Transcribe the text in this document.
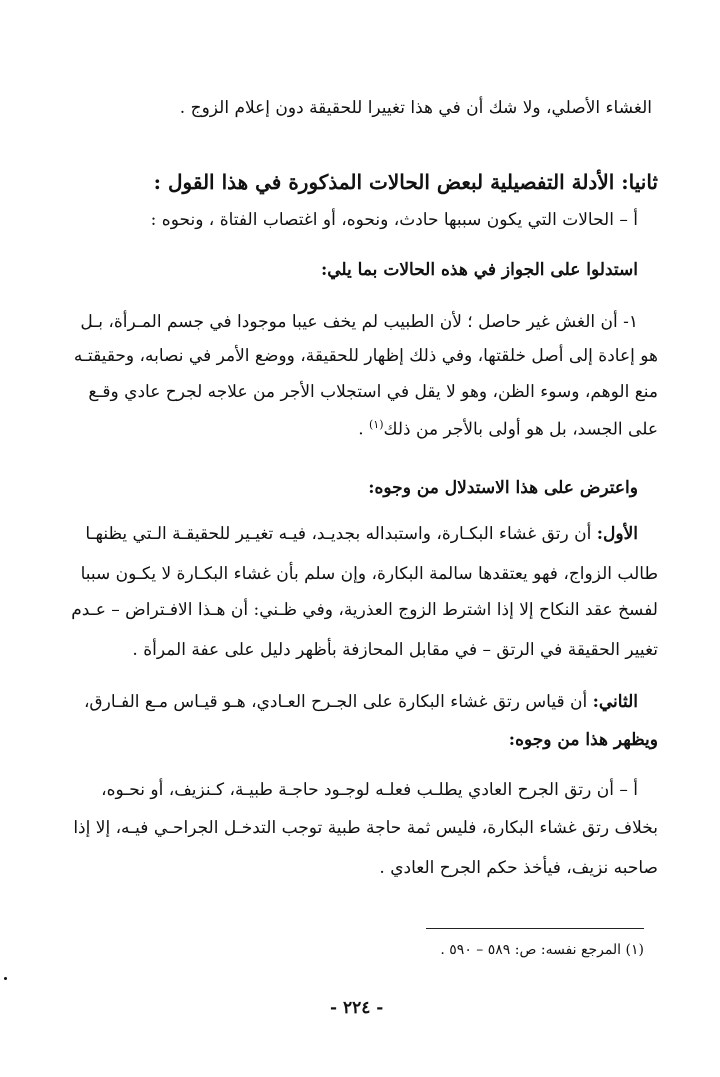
الغشاء الأصلي، ولا شك أن في هذا تغييرا للحقيقة دون إعلام الزوج .
ثانيا: الأدلة التفصيلية لبعض الحالات المذكورة في هذا القول :
أ – الحالات التي يكون سببها حادث، ونحوه، أو اغتصاب الفتاة ، ونحوه :
استدلوا على الجواز في هذه الحالات بما يلي:
١- أن الغش غير حاصل ؛ لأن الطبيب لم يخف عيبا موجودا في جسم المـرأة، بـل
هو إعادة إلى أصل خلقتها، وفي ذلك إظهار للحقيقة، ووضع الأمر في نصابه، وحقيقتـه
منع الوهم، وسوء الظن، وهو لا يقل في استجلاب الأجر من علاجه لجرح عادي وقـع
على الجسد، بل هو أولى بالأجر من ذلك$^{(١)}$ .
واعترض على هذا الاستدلال من وجوه:
الأول: أن رتق غشاء البكـارة، واستبداله بجديـد، فيـه تغيـير للحقيقـة الـتي يظنهـا
طالب الزواج، فهو يعتقدها سالمة البكارة، وإن سلم بأن غشاء البكـارة لا يكـون سببا
لفسخ عقد النكاح إلا إذا اشترط الزوج العذرية، وفي ظـني: أن هـذا الافـتراض – عـدم
تغيير الحقيقة في الرتق – في مقابل المحازفة بأظهر دليل على عفة المرأة .
الثاني: أن قياس رتق غشاء البكارة على الجـرح العـادي، هـو قيـاس مـع الفـارق،
ويظهر هذا من وجوه:
أ – أن رتق الجرح العادي يطلـب فعلـه لوجـود حاجـة طبيـة، كـنزيف، أو نحـوه،
بخلاف رتق غشاء البكارة، فليس ثمة حاجة طبية توجب التدخـل الجراحـي فيـه، إلا إذا
صاحبه نزيف، فيأخذ حكم الجرح العادي .
(١) المرجع نفسه: ص: ٥٨٩ – ٥٩٠ .
- ٢٢٤ -
